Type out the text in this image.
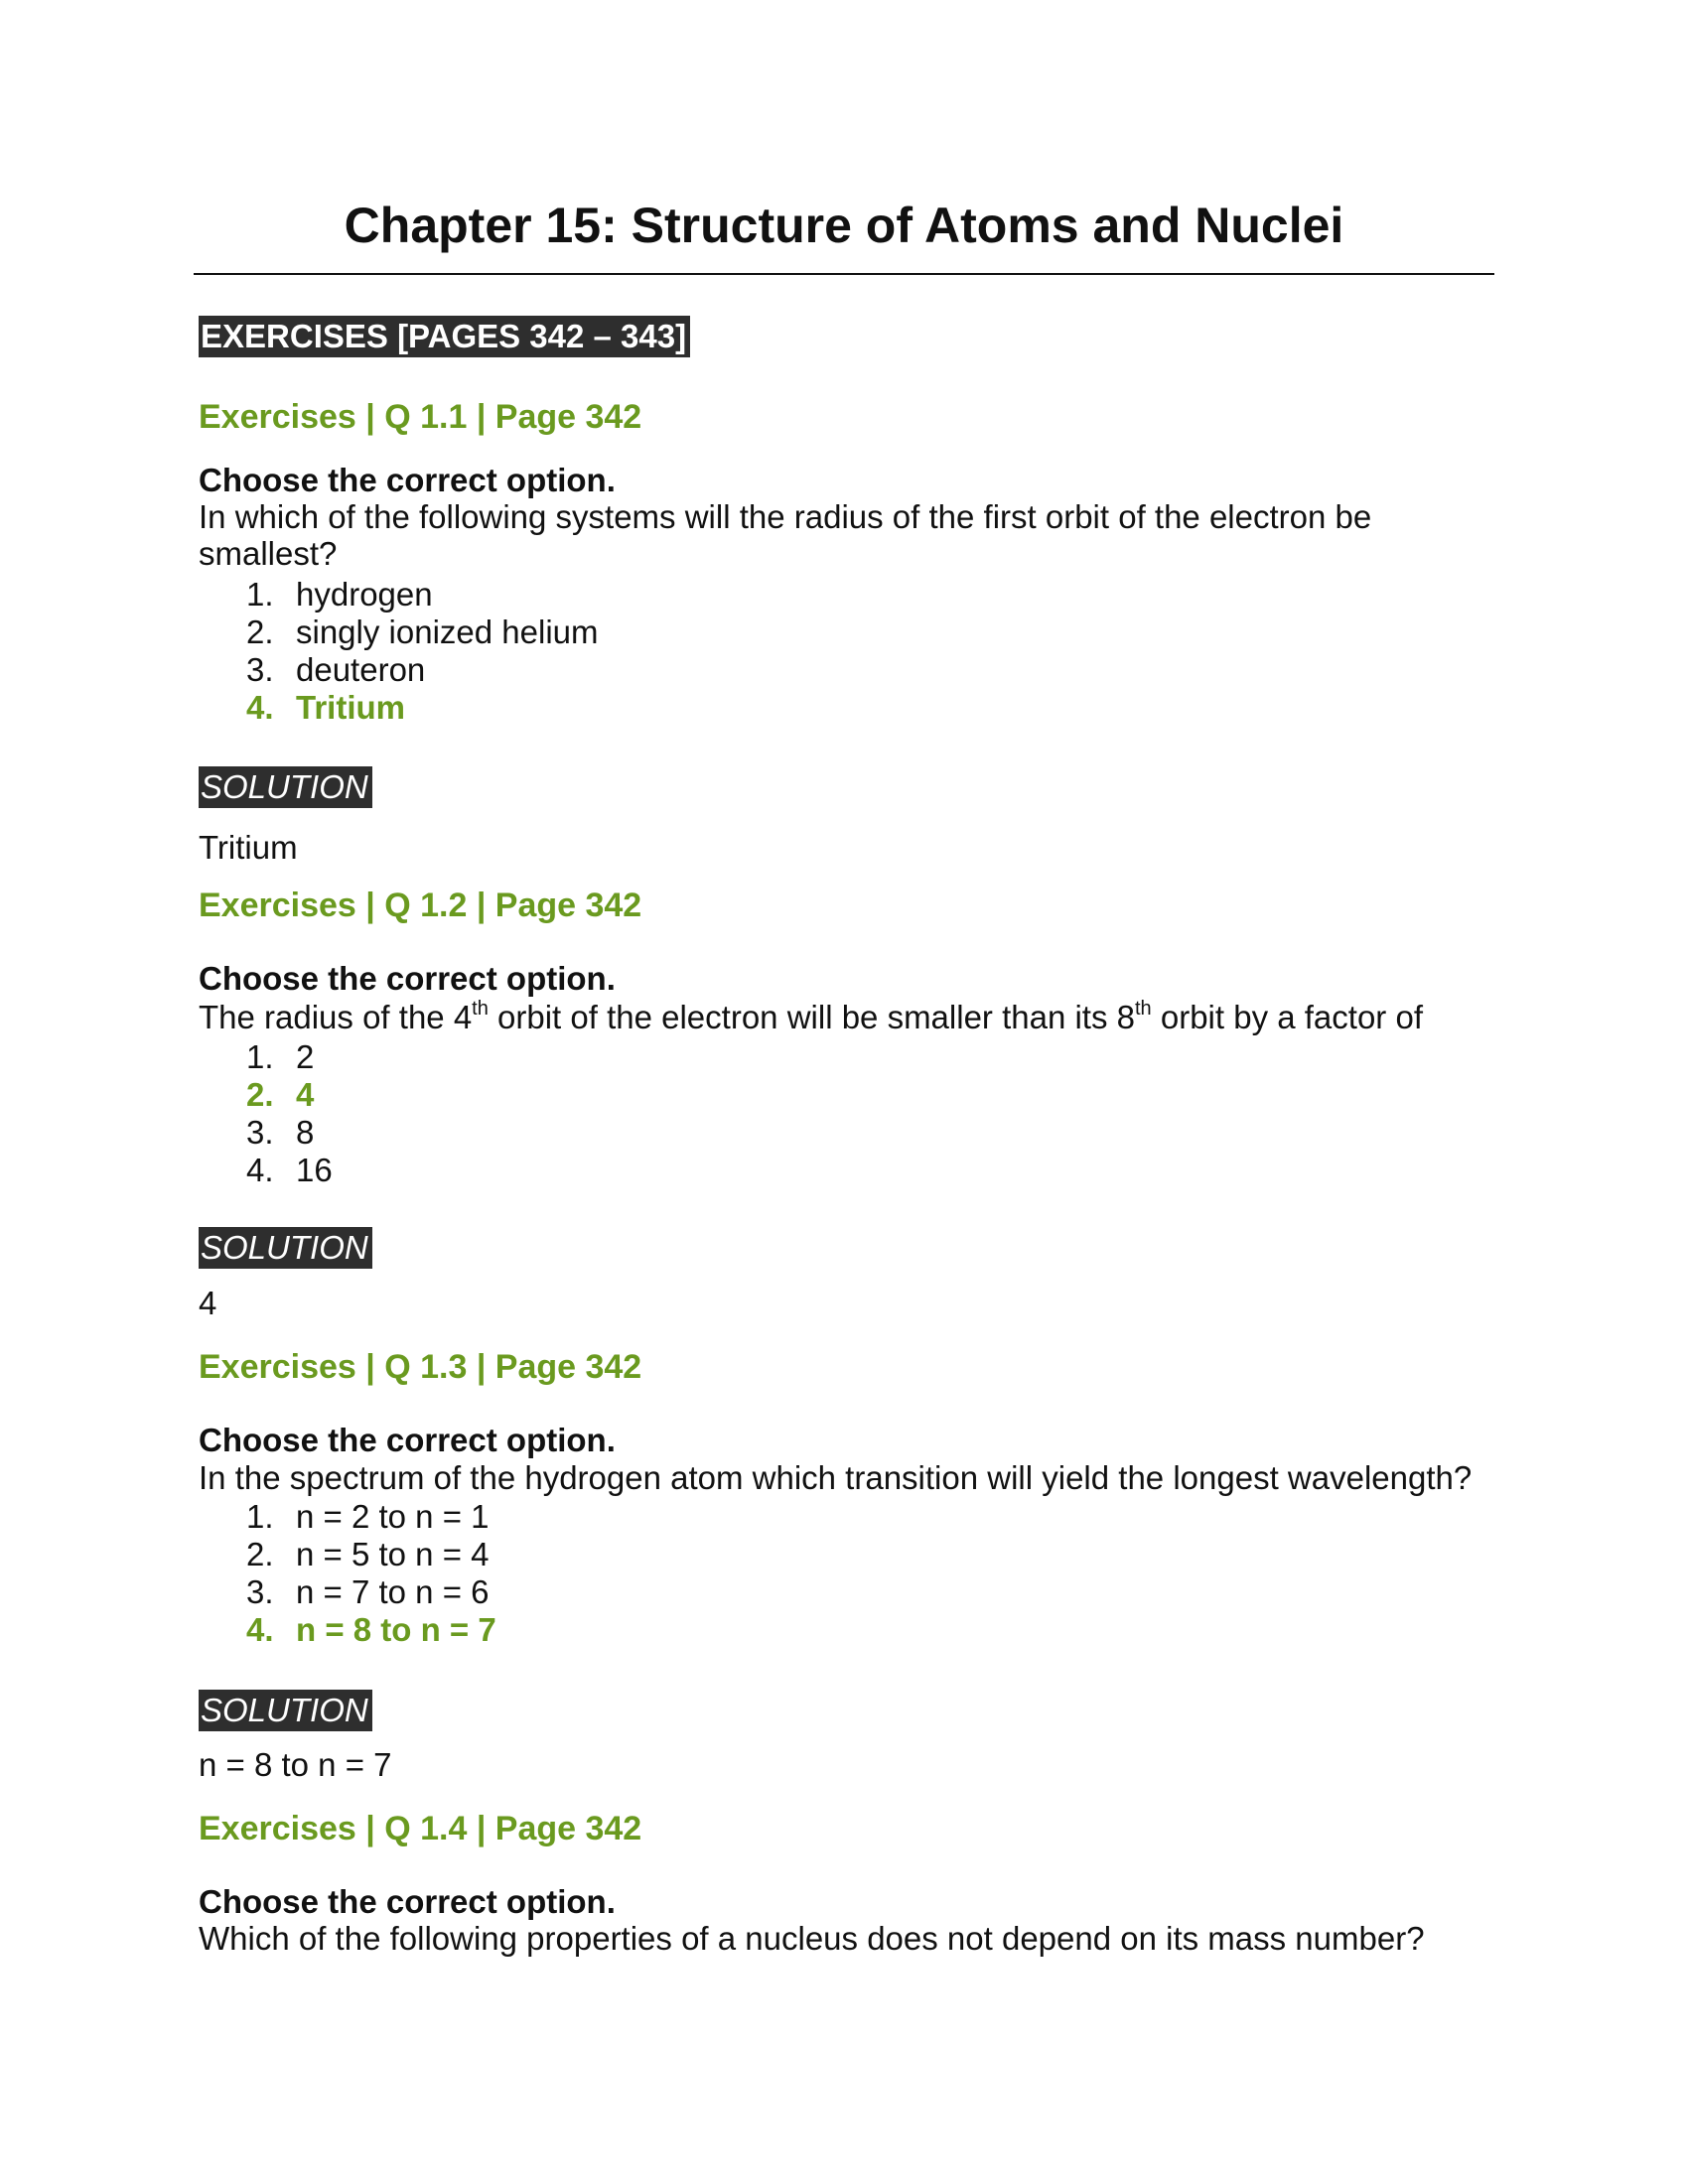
Chapter 15: Structure of Atoms and Nuclei
EXERCISES [PAGES 342 – 343]
Exercises | Q 1.1 | Page 342
Choose the correct option.

In which of the following systems will the radius of the first orbit of the electron be smallest?

1. hydrogen
2. singly ionized helium
3. deuteron
4. Tritium
SOLUTION
Tritium
Exercises | Q 1.2 | Page 342
Choose the correct option.

The radius of the 4th orbit of the electron will be smaller than its 8th orbit by a factor of

1. 2
2. 4
3. 8
4. 16
SOLUTION
4
Exercises | Q 1.3 | Page 342
Choose the correct option.

In the spectrum of the hydrogen atom which transition will yield the longest wavelength?

1. n = 2 to n = 1
2. n = 5 to n = 4
3. n = 7 to n = 6
4. n = 8 to n = 7
SOLUTION
n = 8 to n = 7
Exercises | Q 1.4 | Page 342
Choose the correct option.

Which of the following properties of a nucleus does not depend on its mass number?
